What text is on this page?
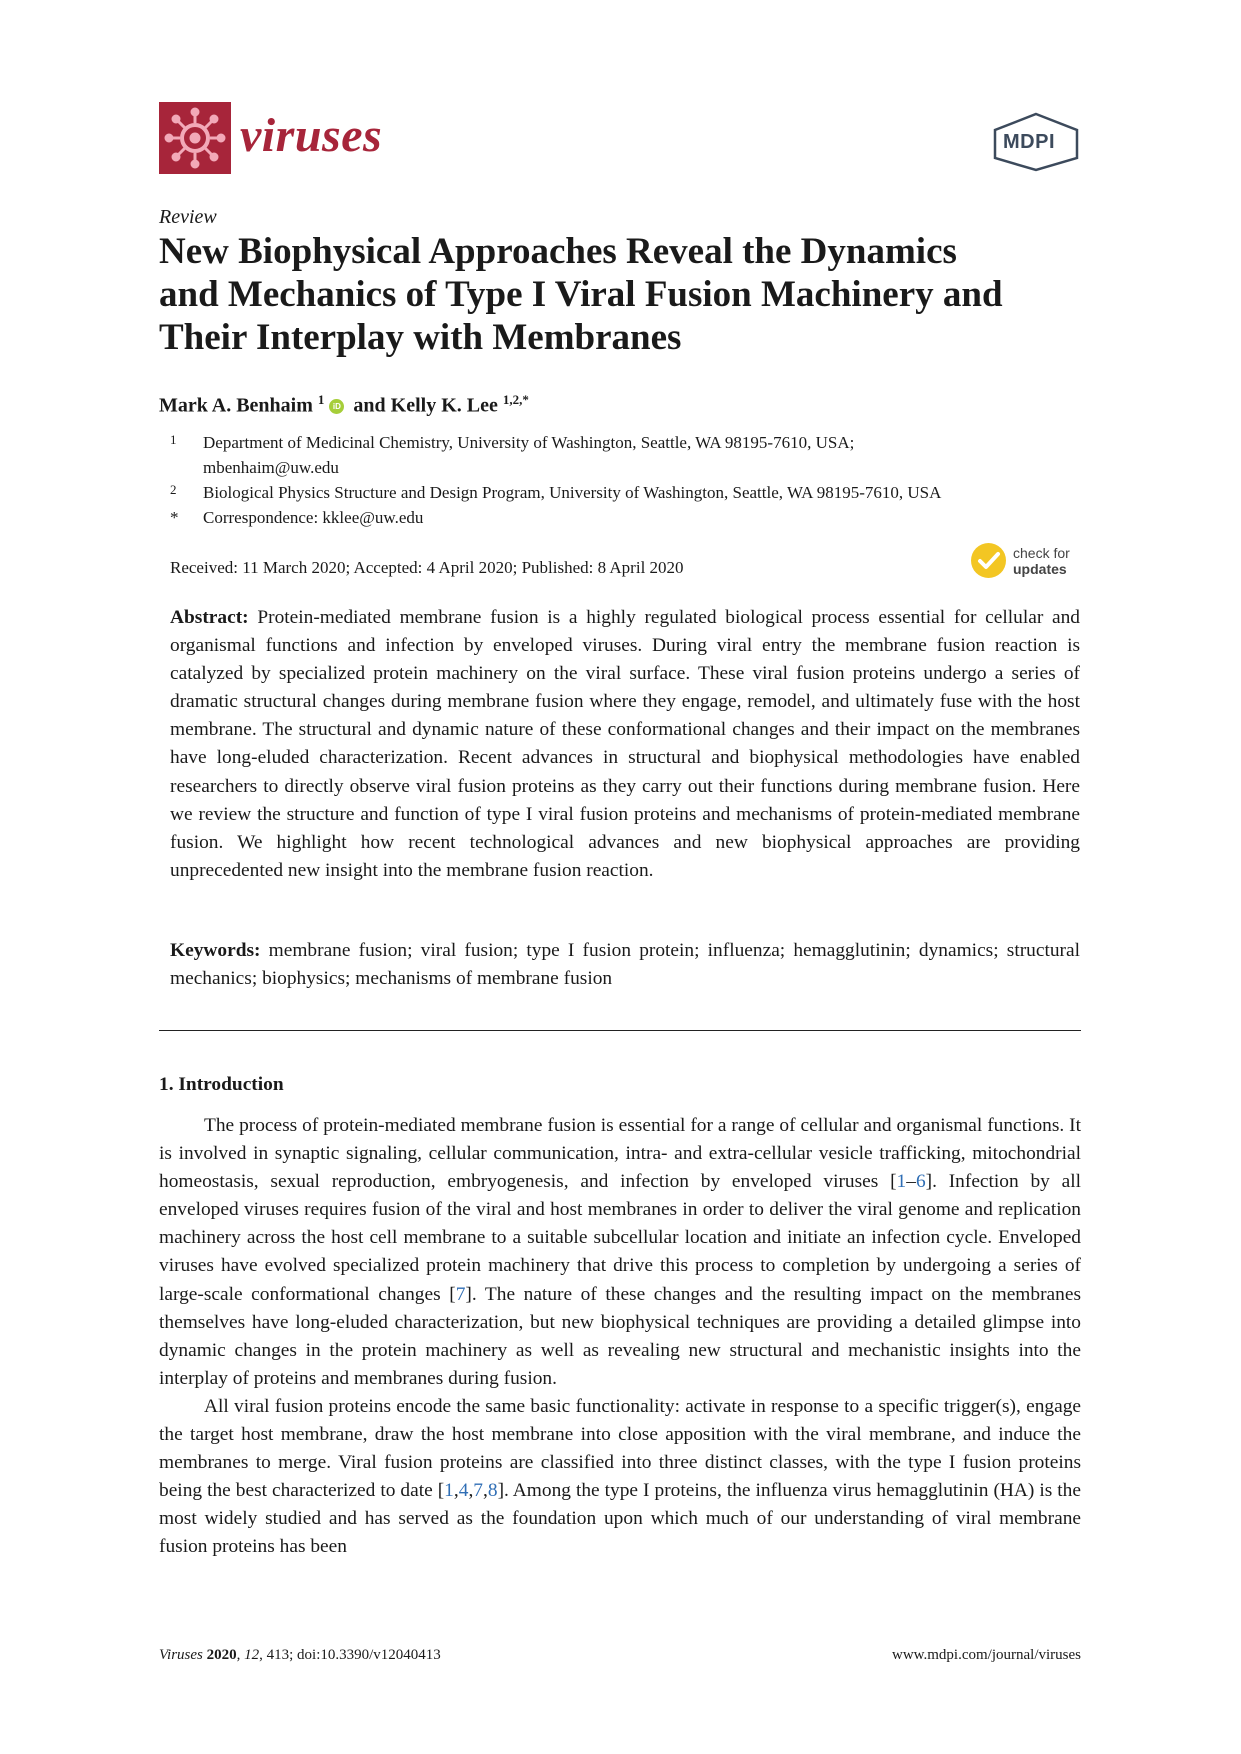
viruses	MDPI
Review
New Biophysical Approaches Reveal the Dynamics
and Mechanics of Type I Viral Fusion Machinery and
Their Interplay with Membranes
Mark A. Benhaim $^1$ iD and Kelly K. Lee $^{1,2,*}$
1	Department of Medicinal Chemistry, University of Washington, Seattle, WA 98195-7610, USA;
mbenhaim@uw.edu
2	Biological Physics Structure and Design Program, University of Washington, Seattle, WA 98195-7610, USA
*	Correspondence: kklee@uw.edu
Received: 11 March 2020; Accepted: 4 April 2020; Published: 8 April 2020
check for
updates

Abstract: Protein-mediated membrane fusion is a highly regulated biological process essential for cellular and organismal functions and infection by enveloped viruses. During viral entry the membrane fusion reaction is catalyzed by specialized protein machinery on the viral surface. These viral fusion proteins undergo a series of dramatic structural changes during membrane fusion where they engage, remodel, and ultimately fuse with the host membrane. The structural and dynamic nature of these conformational changes and their impact on the membranes have long-eluded characterization. Recent advances in structural and biophysical methodologies have enabled researchers to directly observe viral fusion proteins as they carry out their functions during membrane fusion. Here we review the structure and function of type I viral fusion proteins and mechanisms of protein-mediated membrane fusion. We highlight how recent technological advances and new biophysical approaches are providing unprecedented new insight into the membrane fusion reaction.

Keywords: membrane fusion; viral fusion; type I fusion protein; influenza; hemagglutinin; dynamics; structural mechanics; biophysics; mechanisms of membrane fusion

1. Introduction

The process of protein-mediated membrane fusion is essential for a range of cellular and organismal functions. It is involved in synaptic signaling, cellular communication, intra- and extra-cellular vesicle trafficking, mitochondrial homeostasis, sexual reproduction, embryogenesis, and infection by enveloped viruses [1–6]. Infection by all enveloped viruses requires fusion of the viral and host membranes in order to deliver the viral genome and replication machinery across the host cell membrane to a suitable subcellular location and initiate an infection cycle. Enveloped viruses have evolved specialized protein machinery that drive this process to completion by undergoing a series of large-scale conformational changes [7]. The nature of these changes and the resulting impact on the membranes themselves have long-eluded characterization, but new biophysical techniques are providing a detailed glimpse into dynamic changes in the protein machinery as well as revealing new structural and mechanistic insights into the interplay of proteins and membranes during fusion.

All viral fusion proteins encode the same basic functionality: activate in response to a specific trigger(s), engage the target host membrane, draw the host membrane into close apposition with the viral membrane, and induce the membranes to merge. Viral fusion proteins are classified into three distinct classes, with the type I fusion proteins being the best characterized to date [1,4,7,8]. Among the type I proteins, the influenza virus hemagglutinin (HA) is the most widely studied and has served as the foundation upon which much of our understanding of viral membrane fusion proteins has been

Viruses 2020, 12, 413; doi:10.3390/v12040413	www.mdpi.com/journal/viruses
